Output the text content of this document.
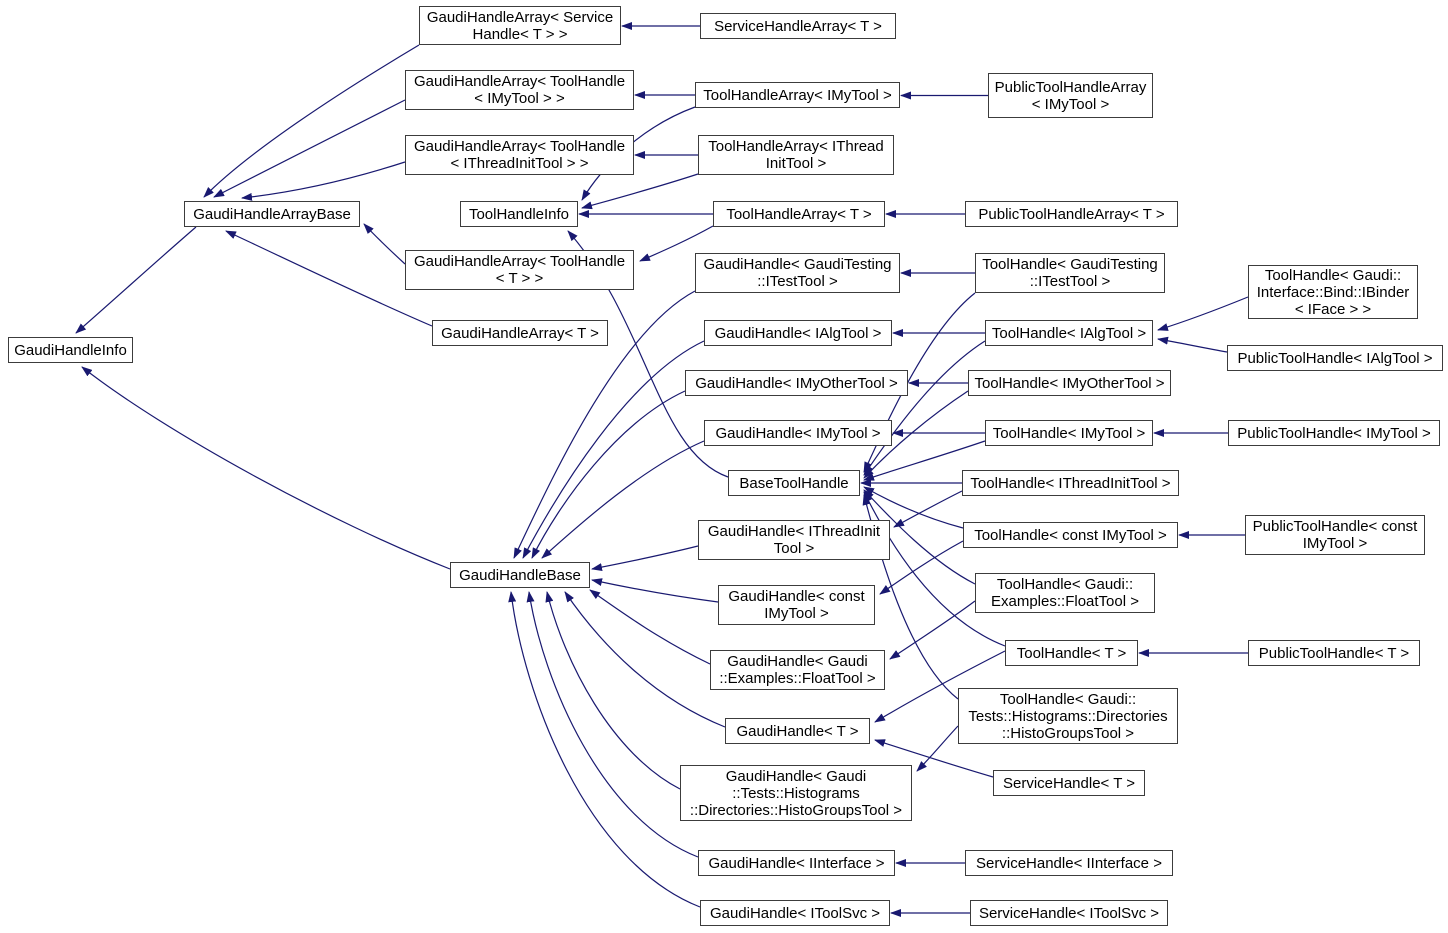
GaudiHandleInfo
GaudiHandleArrayBase
GaudiHandleBase
GaudiHandleArray< Service
Handle< T > >
GaudiHandleArray< ToolHandle
< IMyTool > >
GaudiHandleArray< ToolHandle
< IThreadInitTool > >
ToolHandleInfo
GaudiHandleArray< ToolHandle
< T > >
GaudiHandleArray< T >
GaudiHandle< GaudiTesting
::ITestTool >
GaudiHandle< IAlgTool >
GaudiHandle< IMyOtherTool >
GaudiHandle< IMyTool >
BaseToolHandle
GaudiHandle< IThreadInit
Tool >
GaudiHandle< const
IMyTool >
GaudiHandle< Gaudi
::Examples::FloatTool >
GaudiHandle< T >
GaudiHandle< Gaudi
::Tests::Histograms
::Directories::HistoGroupsTool >
GaudiHandle< IInterface >
GaudiHandle< IToolSvc >
ServiceHandleArray< T >
ToolHandleArray< IMyTool >
ToolHandleArray< IThread
InitTool >
ToolHandleArray< T >
ToolHandle< GaudiTesting
::ITestTool >
ToolHandle< IAlgTool >
ToolHandle< IMyOtherTool >
ToolHandle< IMyTool >
ToolHandle< IThreadInitTool >
ToolHandle< const IMyTool >
ToolHandle< Gaudi::
Examples::FloatTool >
ToolHandle< T >
ToolHandle< Gaudi::
Tests::Histograms::Directories
::HistoGroupsTool >
ServiceHandle< T >
ServiceHandle< IInterface >
ServiceHandle< IToolSvc >
PublicToolHandleArray
< IMyTool >
PublicToolHandleArray< T >
ToolHandle< Gaudi::
Interface::Bind::IBinder
< IFace > >
PublicToolHandle< IAlgTool >
PublicToolHandle< IMyTool >
PublicToolHandle< const
IMyTool >
PublicToolHandle< T >
